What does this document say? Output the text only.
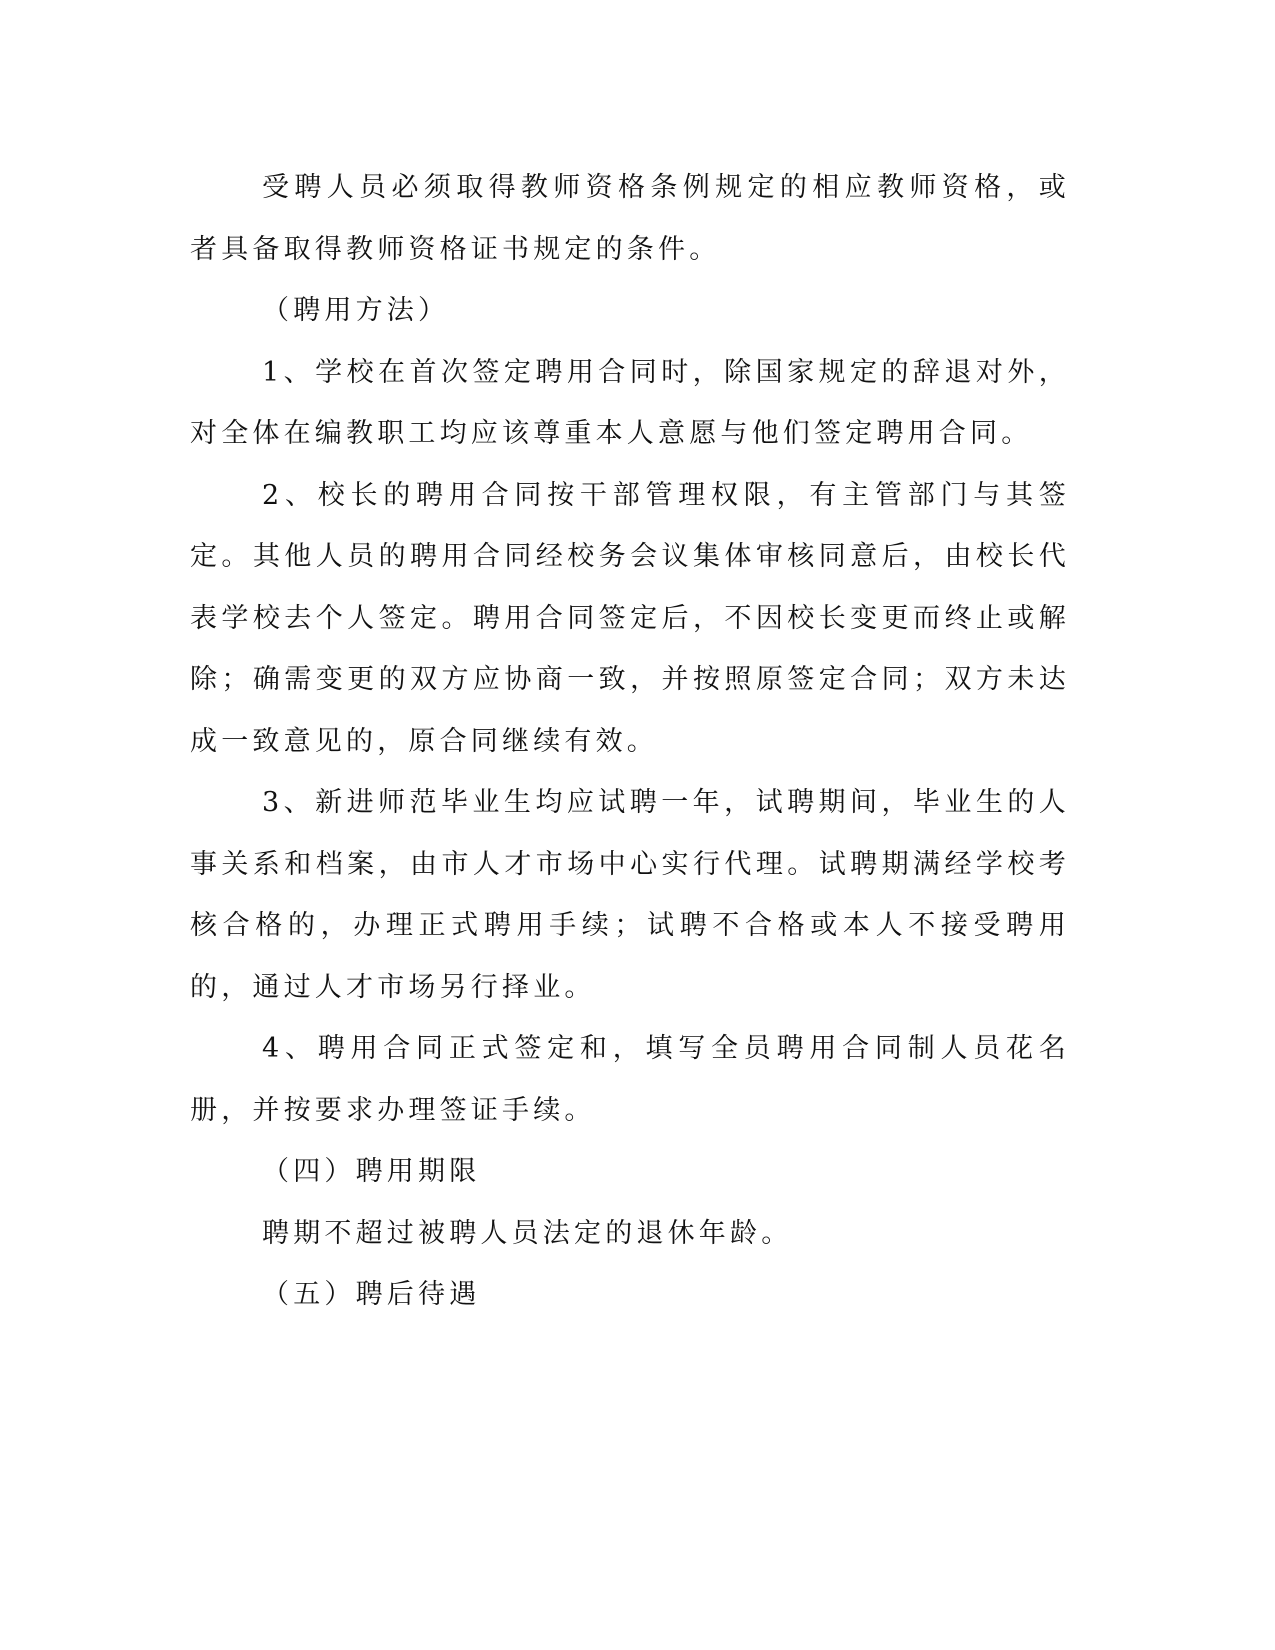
受聘人员必须取得教师资格条例规定的相应教师资格，或者具备取得教师资格证书规定的条件。

（聘用方法）

1、学校在首次签定聘用合同时，除国家规定的辞退对外，对全体在编教职工均应该尊重本人意愿与他们签定聘用合同。

2、校长的聘用合同按干部管理权限，有主管部门与其签定。其他人员的聘用合同经校务会议集体审核同意后，由校长代表学校去个人签定。聘用合同签定后，不因校长变更而终止或解除；确需变更的双方应协商一致，并按照原签定合同；双方未达成一致意见的，原合同继续有效。

3、新进师范毕业生均应试聘一年，试聘期间，毕业生的人事关系和档案，由市人才市场中心实行代理。试聘期满经学校考核合格的，办理正式聘用手续；试聘不合格或本人不接受聘用的，通过人才市场另行择业。

4、聘用合同正式签定和，填写全员聘用合同制人员花名册，并按要求办理签证手续。

（四）聘用期限

聘期不超过被聘人员法定的退休年龄。

（五）聘后待遇
